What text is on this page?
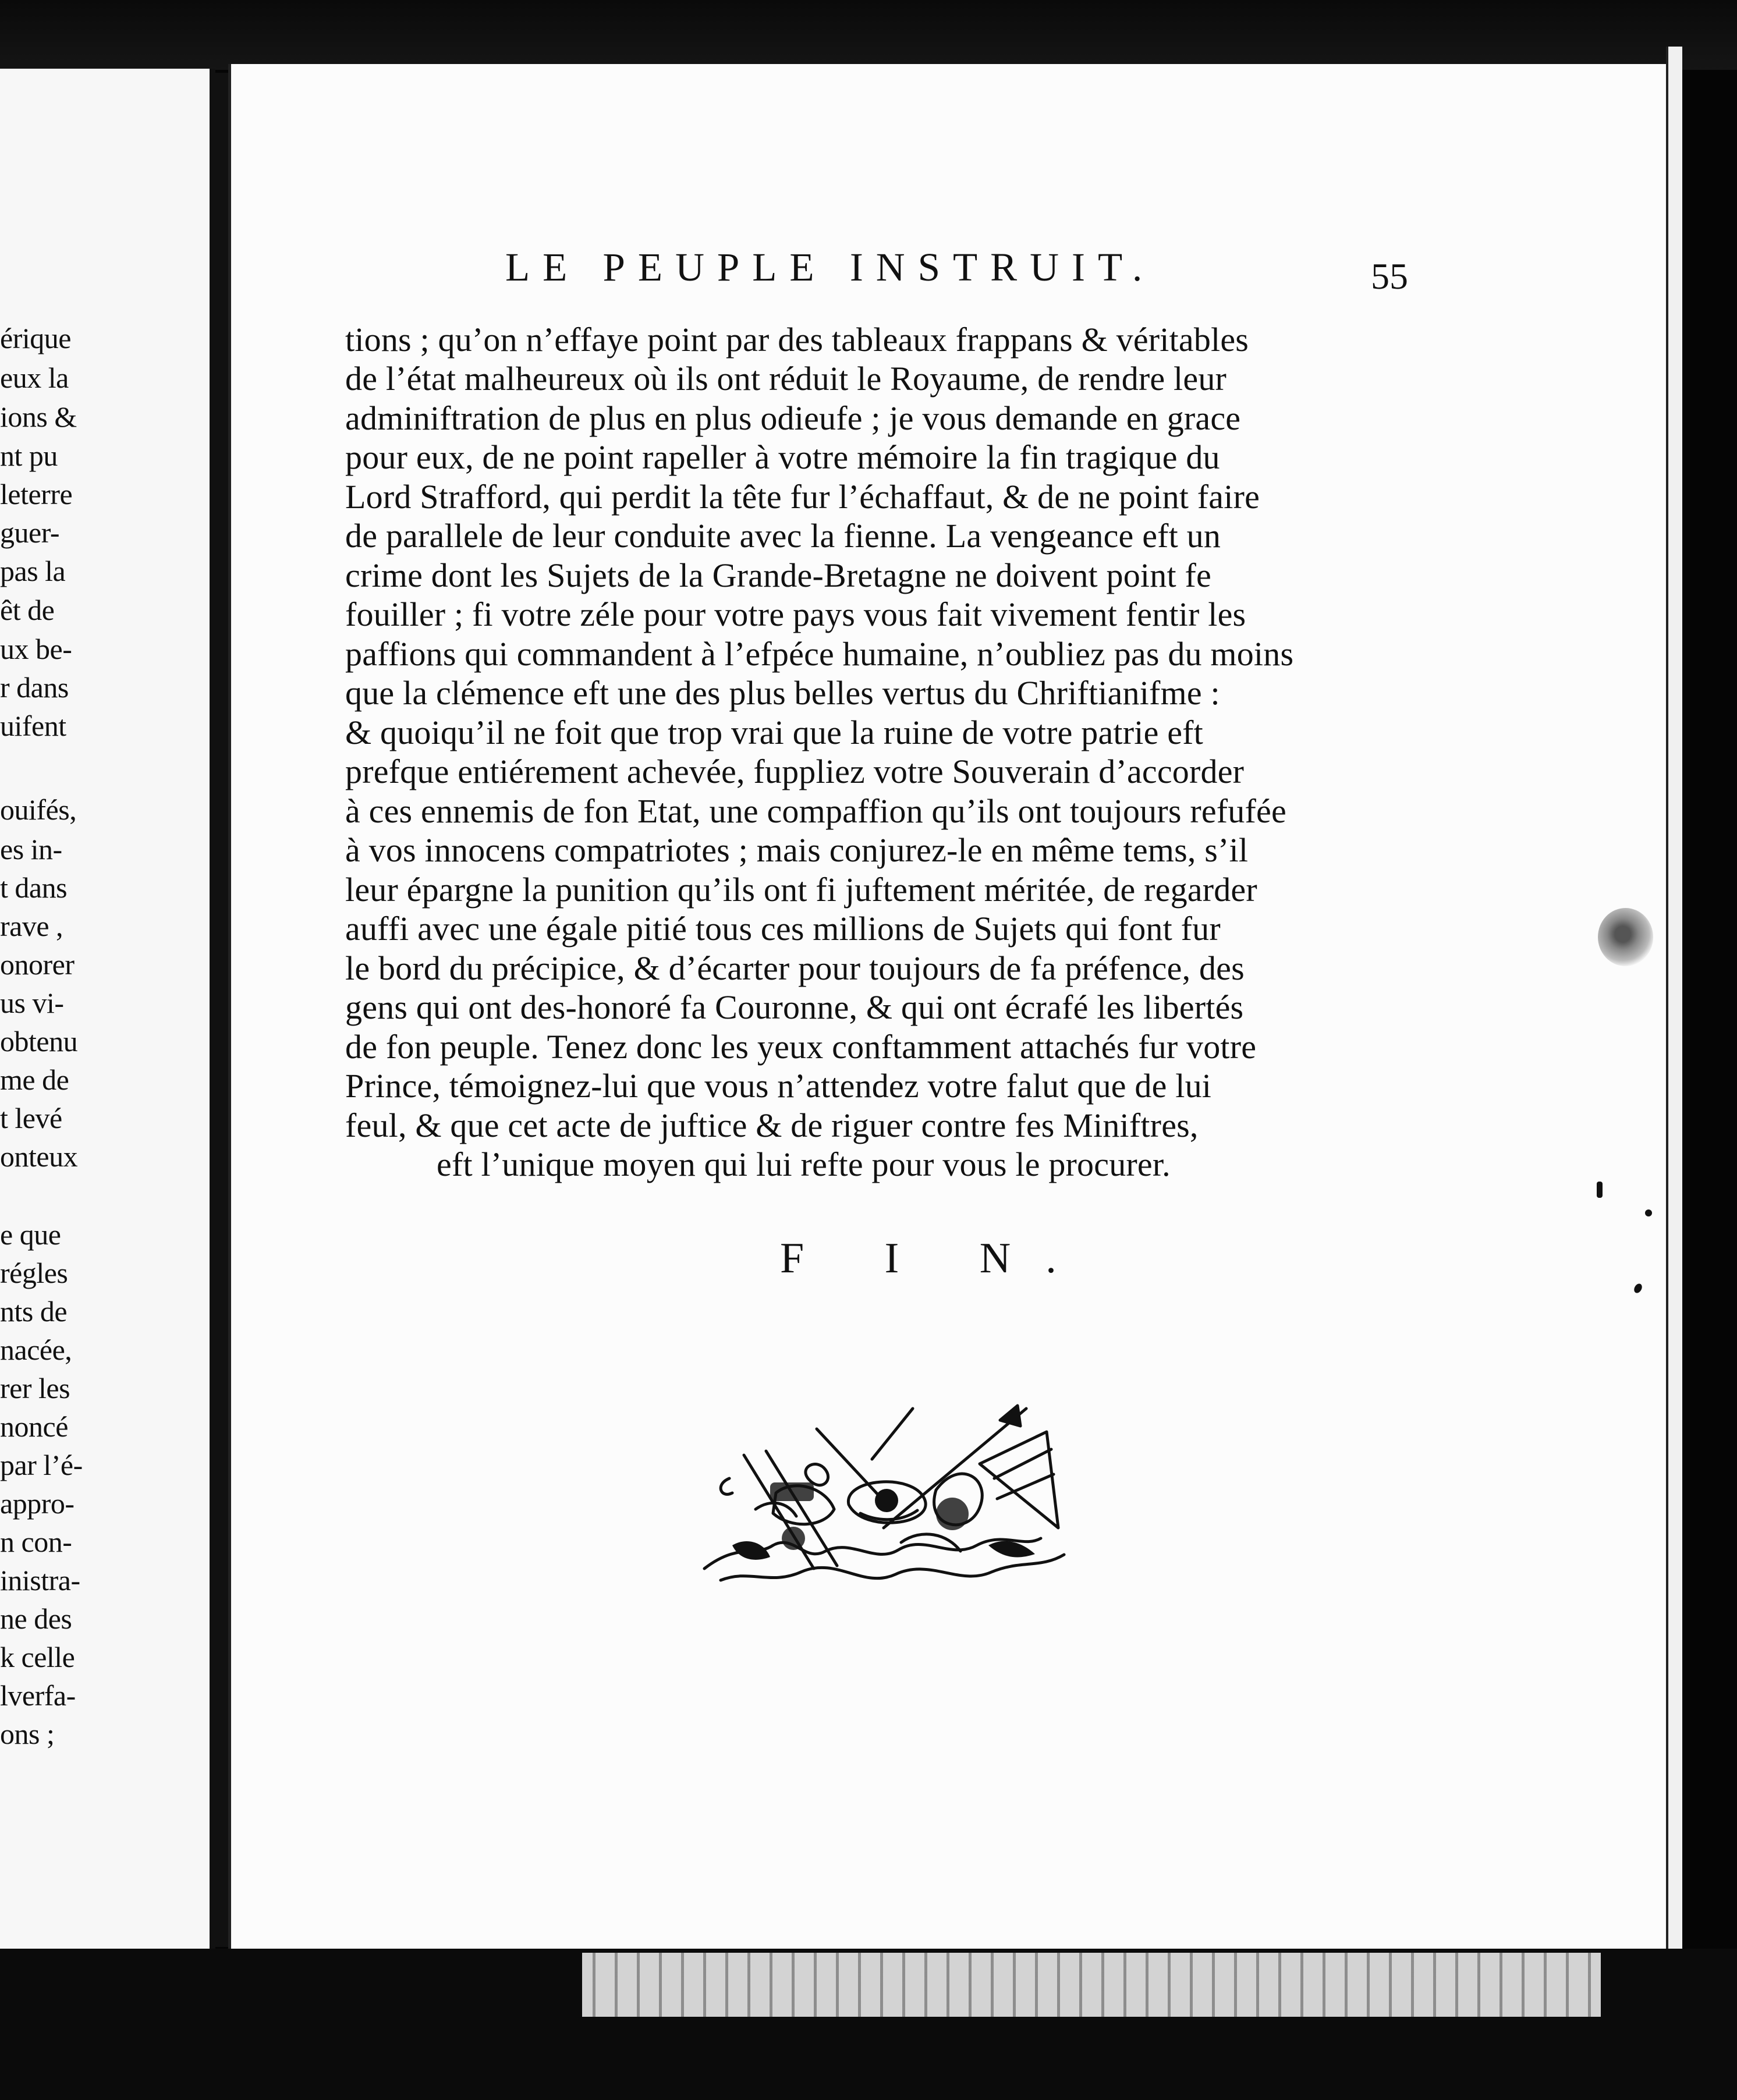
érique
eux la
ions &
nt pu
leterre
guer-
pas la
êt de
ux be-
r dans
uifent
ouifés,
es in-
t dans
rave ,
onorer
us vi-
obtenu
me de
t levé
onteux
e que
régles
nts de
nacée,
rer les
noncé
par l’é-
appro-
n con-
inistra-
ne des
k celle
lverfa-
ons ;
LE PEUPLE INSTRUIT.	55
tions ; qu’on n’effaye point par des tableaux frappans & véritables
de l’état malheureux où ils ont réduit le Royaume, de rendre leur
adminiftration de plus en plus odieufe ; je vous demande en grace
pour eux, de ne point rapeller à votre mémoire la fin tragique du
Lord Strafford, qui perdit la tête fur l’échaffaut, & de ne point faire
de parallele de leur conduite avec la fienne. La vengeance eft un
crime dont les Sujets de la Grande-Bretagne ne doivent point fe
fouiller ; fi votre zéle pour votre pays vous fait vivement fentir les
paffions qui commandent à l’efpéce humaine, n’oubliez pas du moins
que la clémence eft une des plus belles vertus du Chriftianifme :
& quoiqu’il ne foit que trop vrai que la ruine de votre patrie eft
prefque entiérement achevée, fuppliez votre Souverain d’accorder
à ces ennemis de fon Etat, une compaffion qu’ils ont toujours refufée
à vos innocens compatriotes ; mais conjurez-le en même tems, s’il
leur épargne la punition qu’ils ont fi juftement méritée, de regarder
auffi avec une égale pitié tous ces millions de Sujets qui font fur
le bord du précipice, & d’écarter pour toujours de fa préfence, des
gens qui ont des-honoré fa Couronne, & qui ont écrafé les libertés
de fon peuple. Tenez donc les yeux conftamment attachés fur votre
Prince, témoignez-lui que vous n’attendez votre falut que de lui
feul, & que cet acte de juftice & de riguer contre fes Miniftres,
eft l’unique moyen qui lui refte pour vous le procurer.
F I N.
